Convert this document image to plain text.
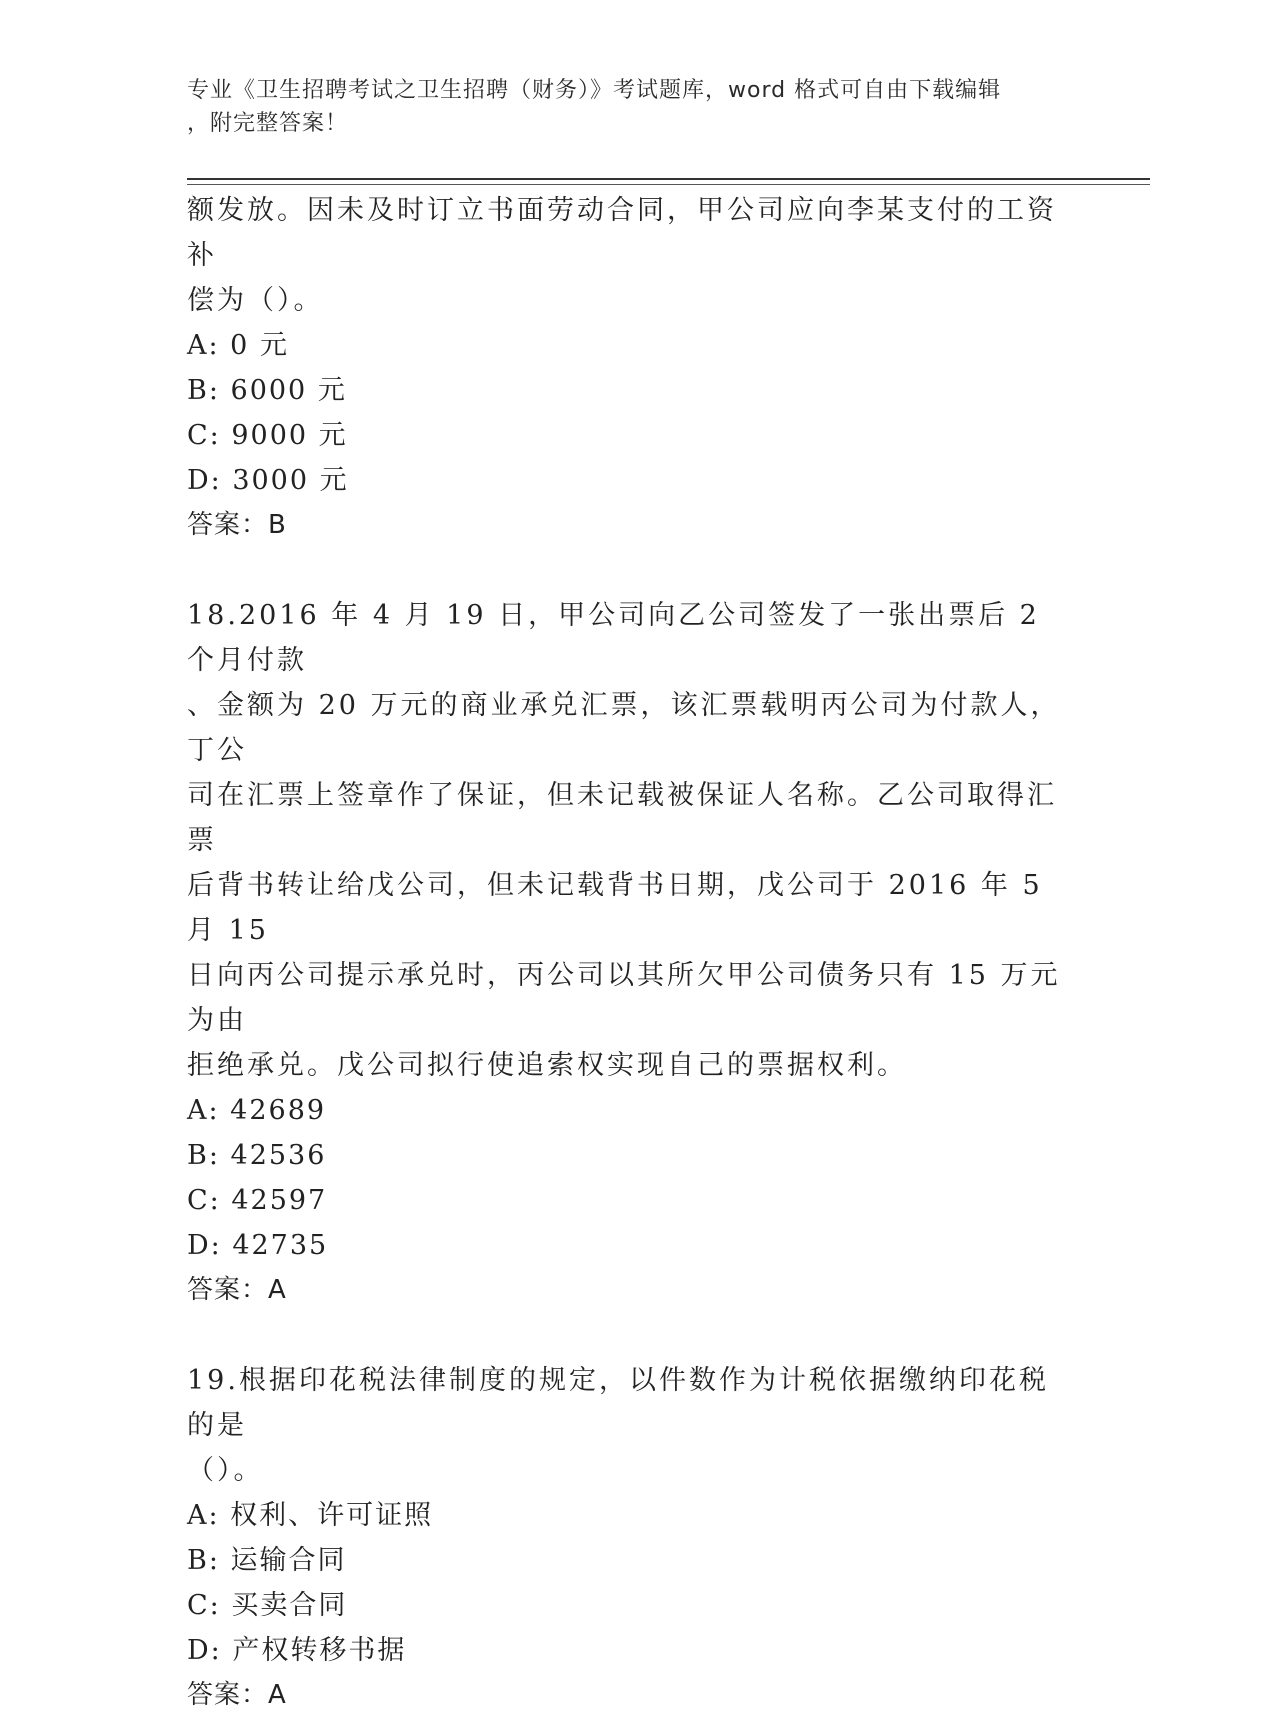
专业《卫生招聘考试之卫生招聘（财务）》考试题库，word 格式可自由下载编辑
，附完整答案！

额发放。因未及时订立书面劳动合同，甲公司应向李某支付的工资补

偿为（）。

A: 0 元

B: 6000 元

C: 9000 元

D: 3000 元

答案：B

18.2016 年 4 月 19 日，甲公司向乙公司签发了一张出票后 2 个月付款

、金额为 20 万元的商业承兑汇票，该汇票载明丙公司为付款人，丁公

司在汇票上签章作了保证，但未记载被保证人名称。乙公司取得汇票

后背书转让给戊公司，但未记载背书日期，戊公司于 2016 年 5 月 15

日向丙公司提示承兑时，丙公司以其所欠甲公司债务只有 15 万元为由

拒绝承兑。戊公司拟行使追索权实现自己的票据权利。

A: 42689

B: 42536

C: 42597

D: 42735

答案：A

19.根据印花税法律制度的规定，以件数作为计税依据缴纳印花税的是

（）。

A: 权利、许可证照

B: 运输合同

C: 买卖合同

D: 产权转移书据

答案：A
